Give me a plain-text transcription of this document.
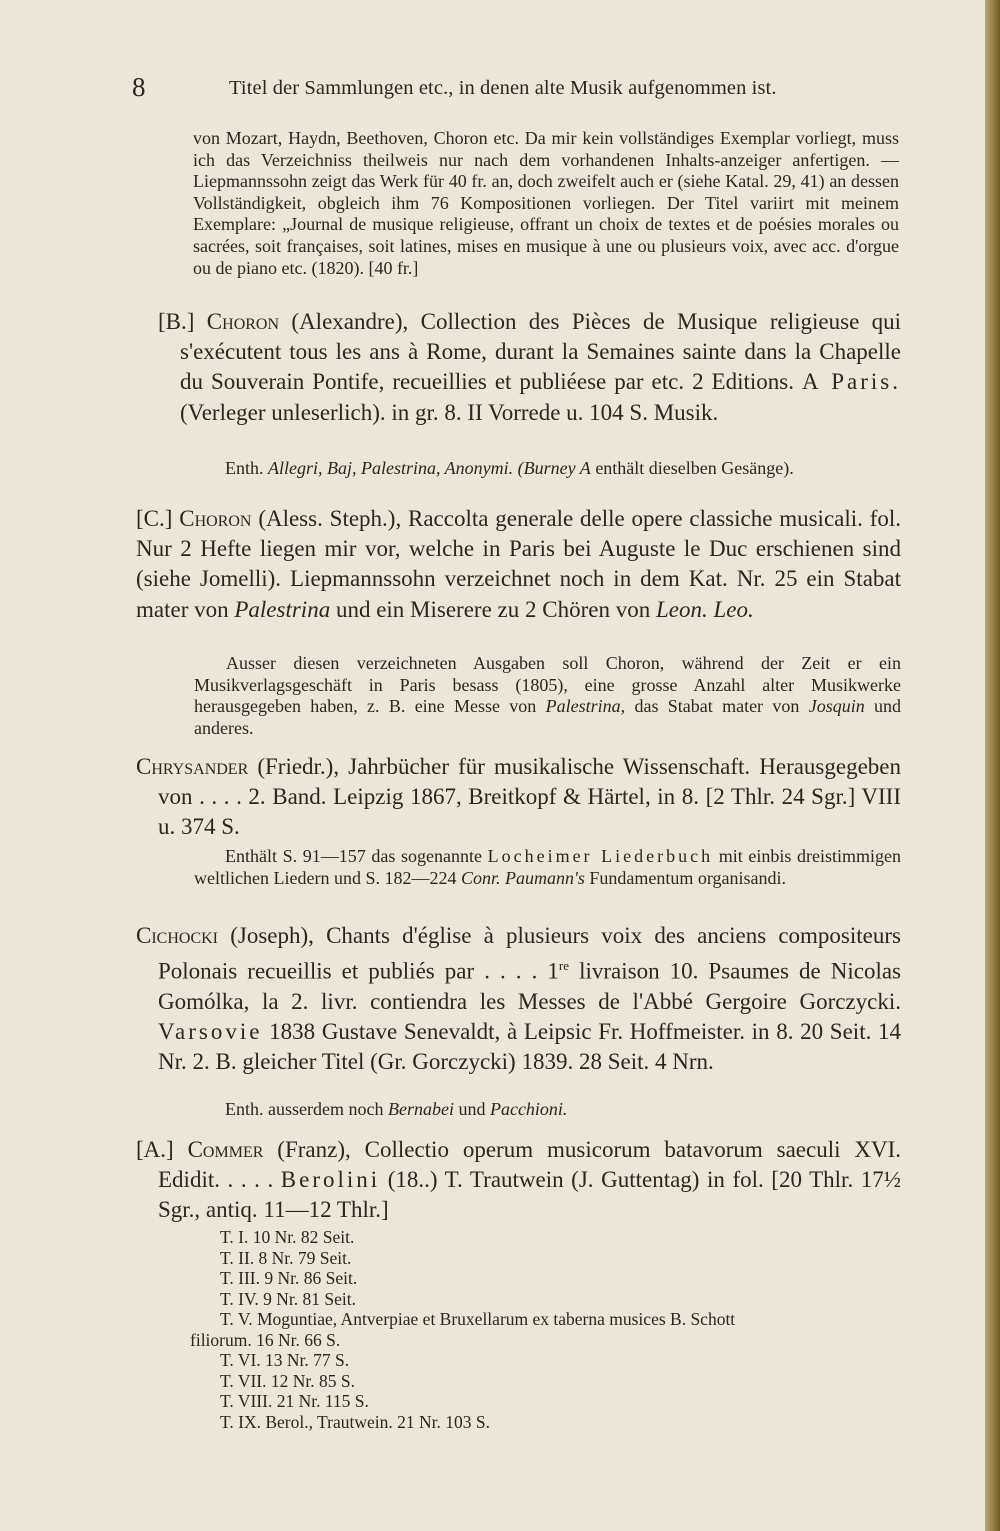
8	Titel der Sammlungen etc., in denen alte Musik aufgenommen ist.

von Mozart, Haydn, Beethoven, Choron etc. Da mir kein vollständiges Exemplar vorliegt, muss ich das Verzeichniss theilweis nur nach dem vorhandenen Inhalts-anzeiger anfertigen. — Liepmannssohn zeigt das Werk für 40 fr. an, doch zweifelt auch er (siehe Katal. 29, 41) an dessen Vollständigkeit, obgleich ihm 76 Kompositionen vorliegen. Der Titel variirt mit meinem Exemplare: „Journal de musique religieuse, offrant un choix de textes et de poésies morales ou sacrées, soit françaises, soit latines, mises en musique à une ou plusieurs voix, avec acc. d'orgue ou de piano etc. (1820). [40 fr.]

[B.] Choron (Alexandre), Collection des Pièces de Musique religieuse qui s'exécutent tous les ans à Rome, durant la Semaines sainte dans la Chapelle du Souverain Pontife, recueillies et publiéese par etc. 2 Editions. A Paris. (Verleger unleserlich). in gr. 8. II Vorrede u. 104 S. Musik.

Enth. Allegri, Baj, Palestrina, Anonymi. (Burney A enthält dieselben Gesänge).

[C.] Choron (Aless. Steph.), Raccolta generale delle opere classiche musicali. fol. Nur 2 Hefte liegen mir vor, welche in Paris bei Auguste le Duc erschienen sind (siehe Jomelli). Liepmannssohn verzeichnet noch in dem Kat. Nr. 25 ein Stabat mater von Palestrina und ein Miserere zu 2 Chören von Leon. Leo.

Ausser diesen verzeichneten Ausgaben soll Choron, während der Zeit er ein Musikverlagsgeschäft in Paris besass (1805), eine grosse Anzahl alter Musikwerke herausgegeben haben, z. B. eine Messe von Palestrina, das Stabat mater von Josquin und anderes.

Chrysander (Friedr.), Jahrbücher für musikalische Wissenschaft. Herausgegeben von . . . . 2. Band. Leipzig 1867, Breitkopf & Härtel, in 8. [2 Thlr. 24 Sgr.] VIII u. 374 S.

Enthält S. 91—157 das sogenannte Locheimer Liederbuch mit einbis dreistimmigen weltlichen Liedern und S. 182—224 Conr. Paumann's Fundamentum organisandi.

Cichocki (Joseph), Chants d'église à plusieurs voix des anciens compositeurs Polonais recueillis et publiés par . . . . 1re livraison 10. Psaumes de Nicolas Gomólka, la 2. livr. contiendra les Messes de l'Abbé Gergoire Gorczycki. Varsovie 1838 Gustave Senevaldt, à Leipsic Fr. Hoffmeister. in 8. 20 Seit. 14 Nr. 2. B. gleicher Titel (Gr. Gorczycki) 1839. 28 Seit. 4 Nrn.

Enth. ausserdem noch Bernabei und Pacchioni.

[A.] Commer (Franz), Collectio operum musicorum batavorum saeculi XVI. Edidit. . . . . Berolini (18..) T. Trautwein (J. Guttentag) in fol. [20 Thlr. 17½ Sgr., antiq. 11—12 Thlr.]

T. I. 10 Nr. 82 Seit.
T. II. 8 Nr. 79 Seit.
T. III. 9 Nr. 86 Seit.
T. IV. 9 Nr. 81 Seit.
T. V. Moguntiae, Antverpiae et Bruxellarum ex taberna musices B. Schott
filiorum. 16 Nr. 66 S.
T. VI. 13 Nr. 77 S.
T. VII. 12 Nr. 85 S.
T. VIII. 21 Nr. 115 S.
T. IX. Berol., Trautwein. 21 Nr. 103 S.
